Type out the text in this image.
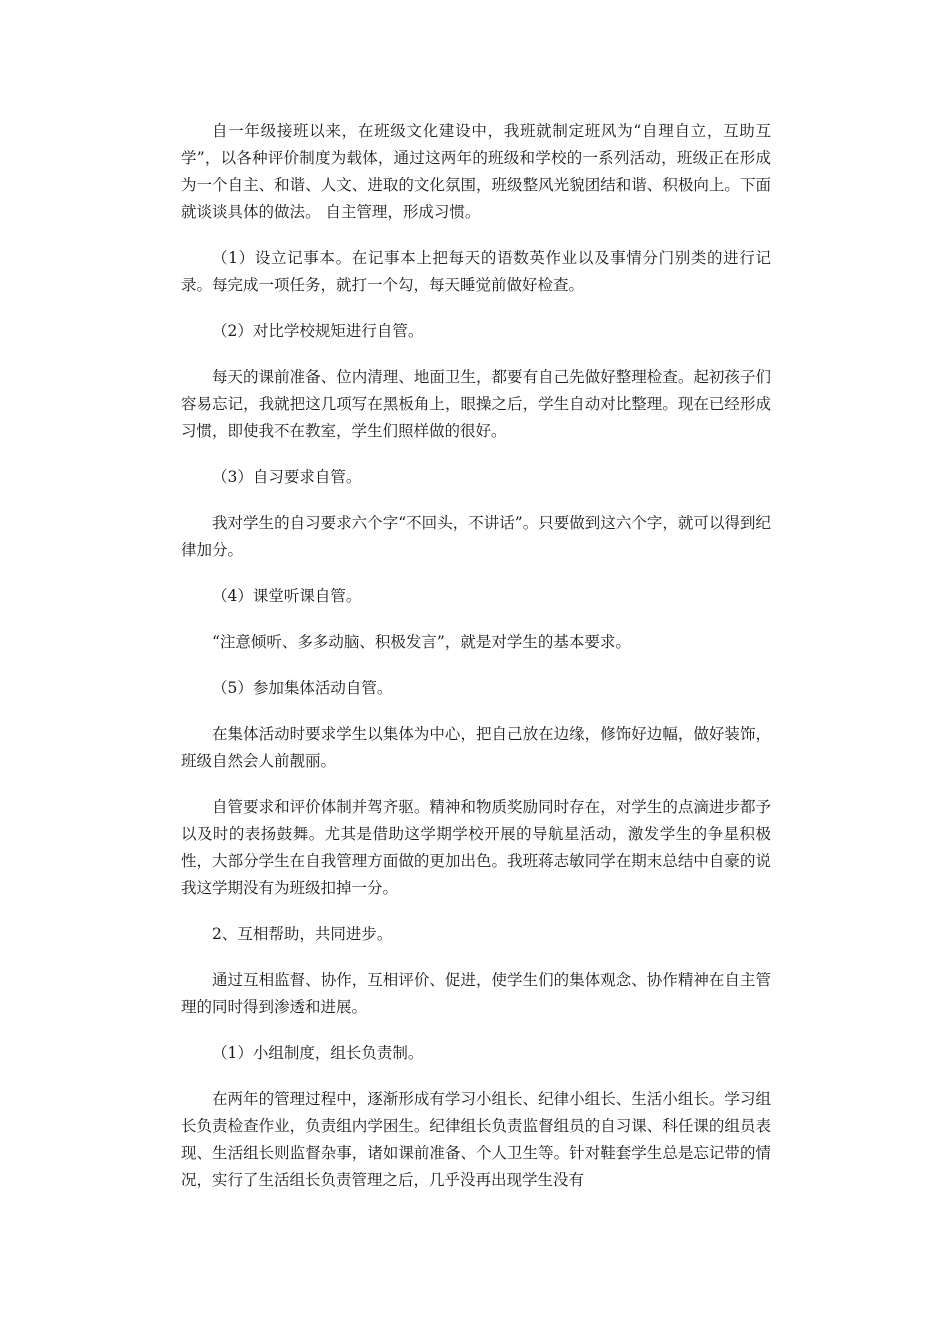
自一年级接班以来，在班级文化建设中，我班就制定班风为“自理自立，互助互学”，以各种评价制度为载体，通过这两年的班级和学校的一系列活动，班级正在形成为一个自主、和谐、人文、进取的文化氛围，班级整风光貌团结和谐、积极向上。下面就谈谈具体的做法。 自主管理，形成习惯。

（1）设立记事本。在记事本上把每天的语数英作业以及事情分门别类的进行记录。每完成一项任务，就打一个勾，每天睡觉前做好检查。

（2）对比学校规矩进行自管。

每天的课前准备、位内清理、地面卫生，都要有自己先做好整理检查。起初孩子们容易忘记，我就把这几项写在黑板角上，眼操之后，学生自动对比整理。现在已经形成习惯，即使我不在教室，学生们照样做的很好。

（3）自习要求自管。

我对学生的自习要求六个字“不回头，不讲话”。只要做到这六个字，就可以得到纪律加分。

（4）课堂听课自管。

“注意倾听、多多动脑、积极发言”，就是对学生的基本要求。

（5）参加集体活动自管。

在集体活动时要求学生以集体为中心，把自己放在边缘，修饰好边幅，做好装饰，班级自然会人前靓丽。

自管要求和评价体制并驾齐驱。精神和物质奖励同时存在，对学生的点滴进步都予以及时的表扬鼓舞。尤其是借助这学期学校开展的导航星活动，激发学生的争星积极性，大部分学生在自我管理方面做的更加出色。我班蒋志敏同学在期末总结中自豪的说我这学期没有为班级扣掉一分。

2、互相帮助，共同进步。

通过互相监督、协作，互相评价、促进，使学生们的集体观念、协作精神在自主管理的同时得到渗透和进展。

（1）小组制度，组长负责制。

在两年的管理过程中，逐渐形成有学习小组长、纪律小组长、生活小组长。学习组长负责检查作业，负责组内学困生。纪律组长负责监督组员的自习课、科任课的组员表现、生活组长则监督杂事，诸如课前准备、个人卫生等。针对鞋套学生总是忘记带的情况，实行了生活组长负责管理之后，几乎没再出现学生没有
